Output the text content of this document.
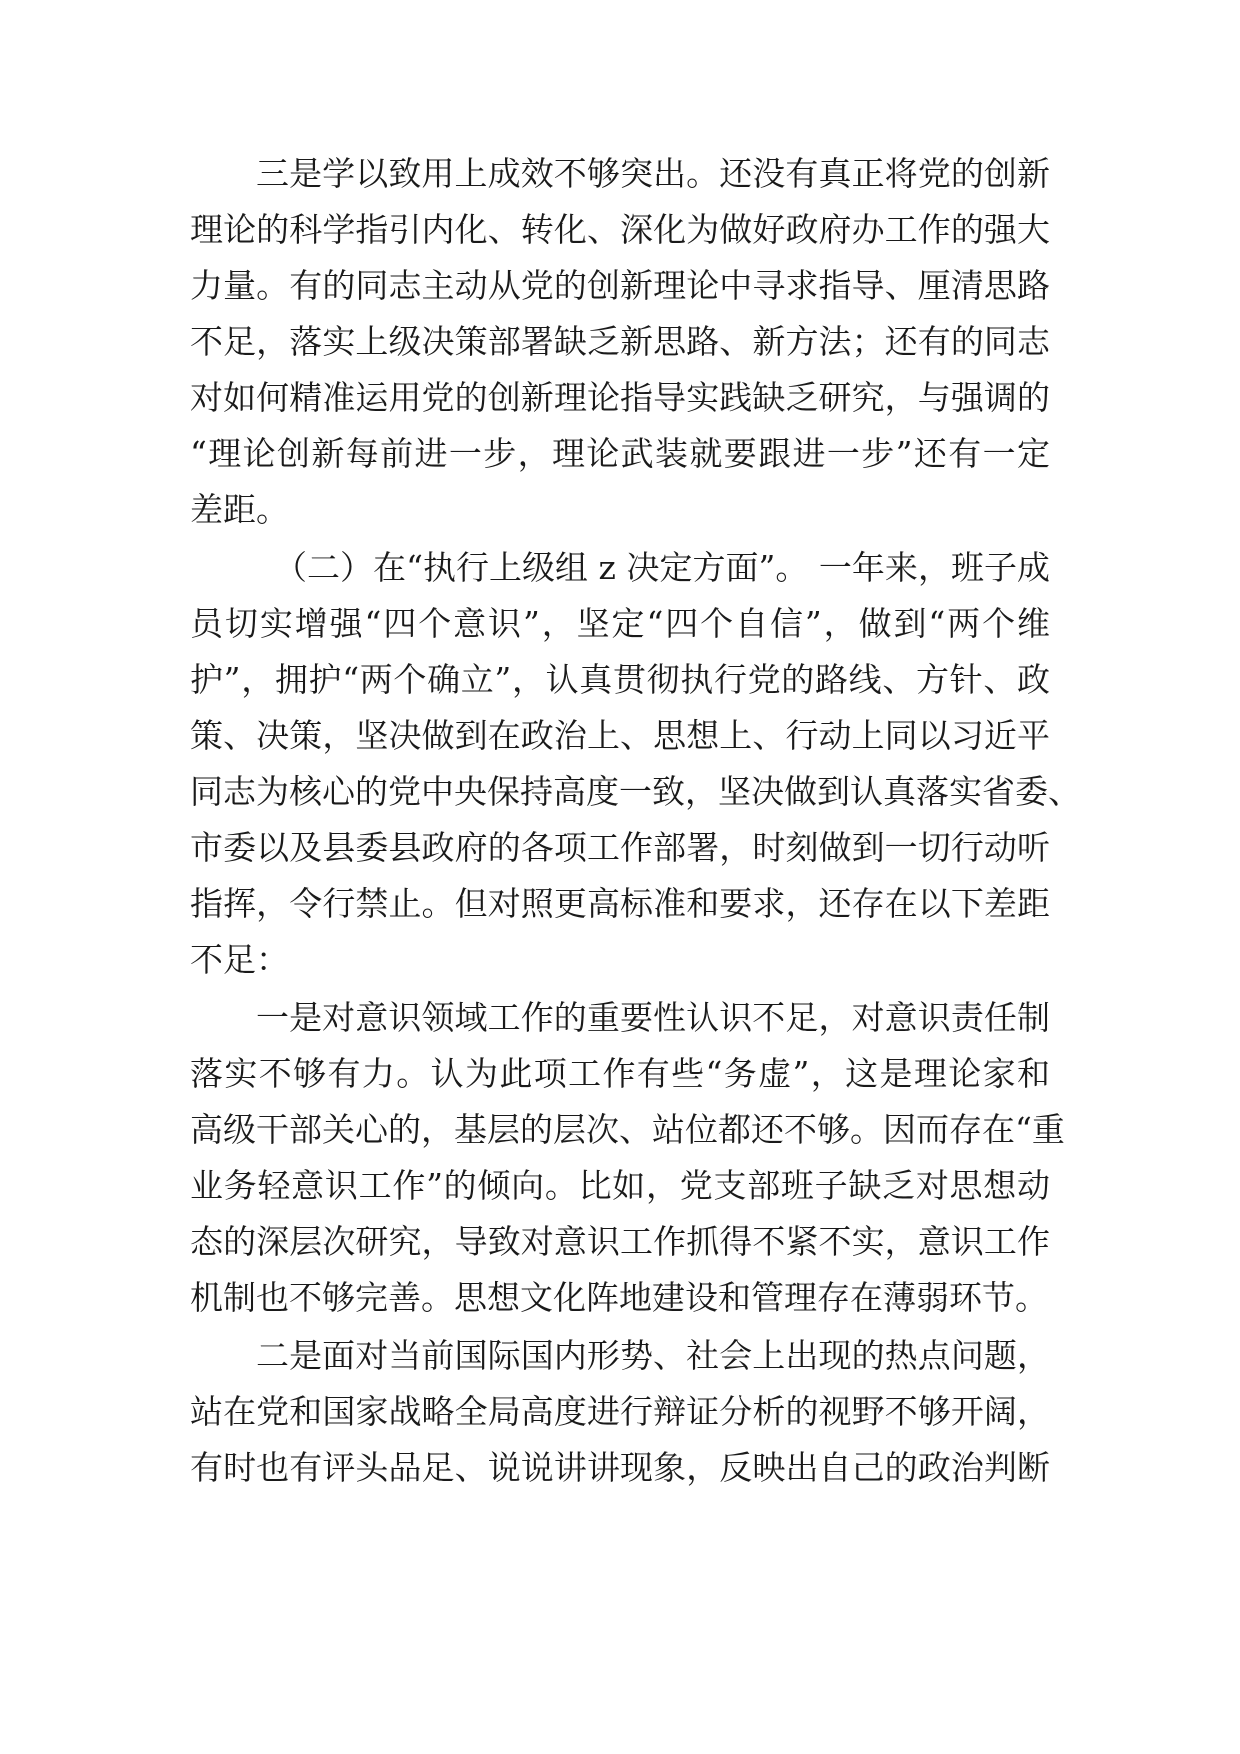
三是学以致用上成效不够突出。还没有真正将党的创新
理论的科学指引内化、转化、深化为做好政府办工作的强大
力量。有的同志主动从党的创新理论中寻求指导、厘清思路
不足，落实上级决策部署缺乏新思路、新方法；还有的同志
对如何精准运用党的创新理论指导实践缺乏研究，与强调的
“理论创新每前进一步，理论武装就要跟进一步”还有一定
差距。
（二）在“执行上级组 z 决定方面”。 一年来，班子成
员切实增强“四个意识”，坚定“四个自信”，做到“两个维
护”，拥护“两个确立”，认真贯彻执行党的路线、方针、政
策、决策，坚决做到在政治上、思想上、行动上同以习近平
同志为核心的党中央保持高度一致，坚决做到认真落实省委、
市委以及县委县政府的各项工作部署，时刻做到一切行动听
指挥，令行禁止。但对照更高标准和要求，还存在以下差距
不足：
一是对意识领域工作的重要性认识不足，对意识责任制
落实不够有力。认为此项工作有些“务虚”，这是理论家和
高级干部关心的，基层的层次、站位都还不够。因而存在“重
业务轻意识工作”的倾向。比如，党支部班子缺乏对思想动
态的深层次研究，导致对意识工作抓得不紧不实，意识工作
机制也不够完善。思想文化阵地建设和管理存在薄弱环节。
二是面对当前国际国内形势、社会上出现的热点问题，
站在党和国家战略全局高度进行辩证分析的视野不够开阔，
有时也有评头品足、说说讲讲现象，反映出自己的政治判断
